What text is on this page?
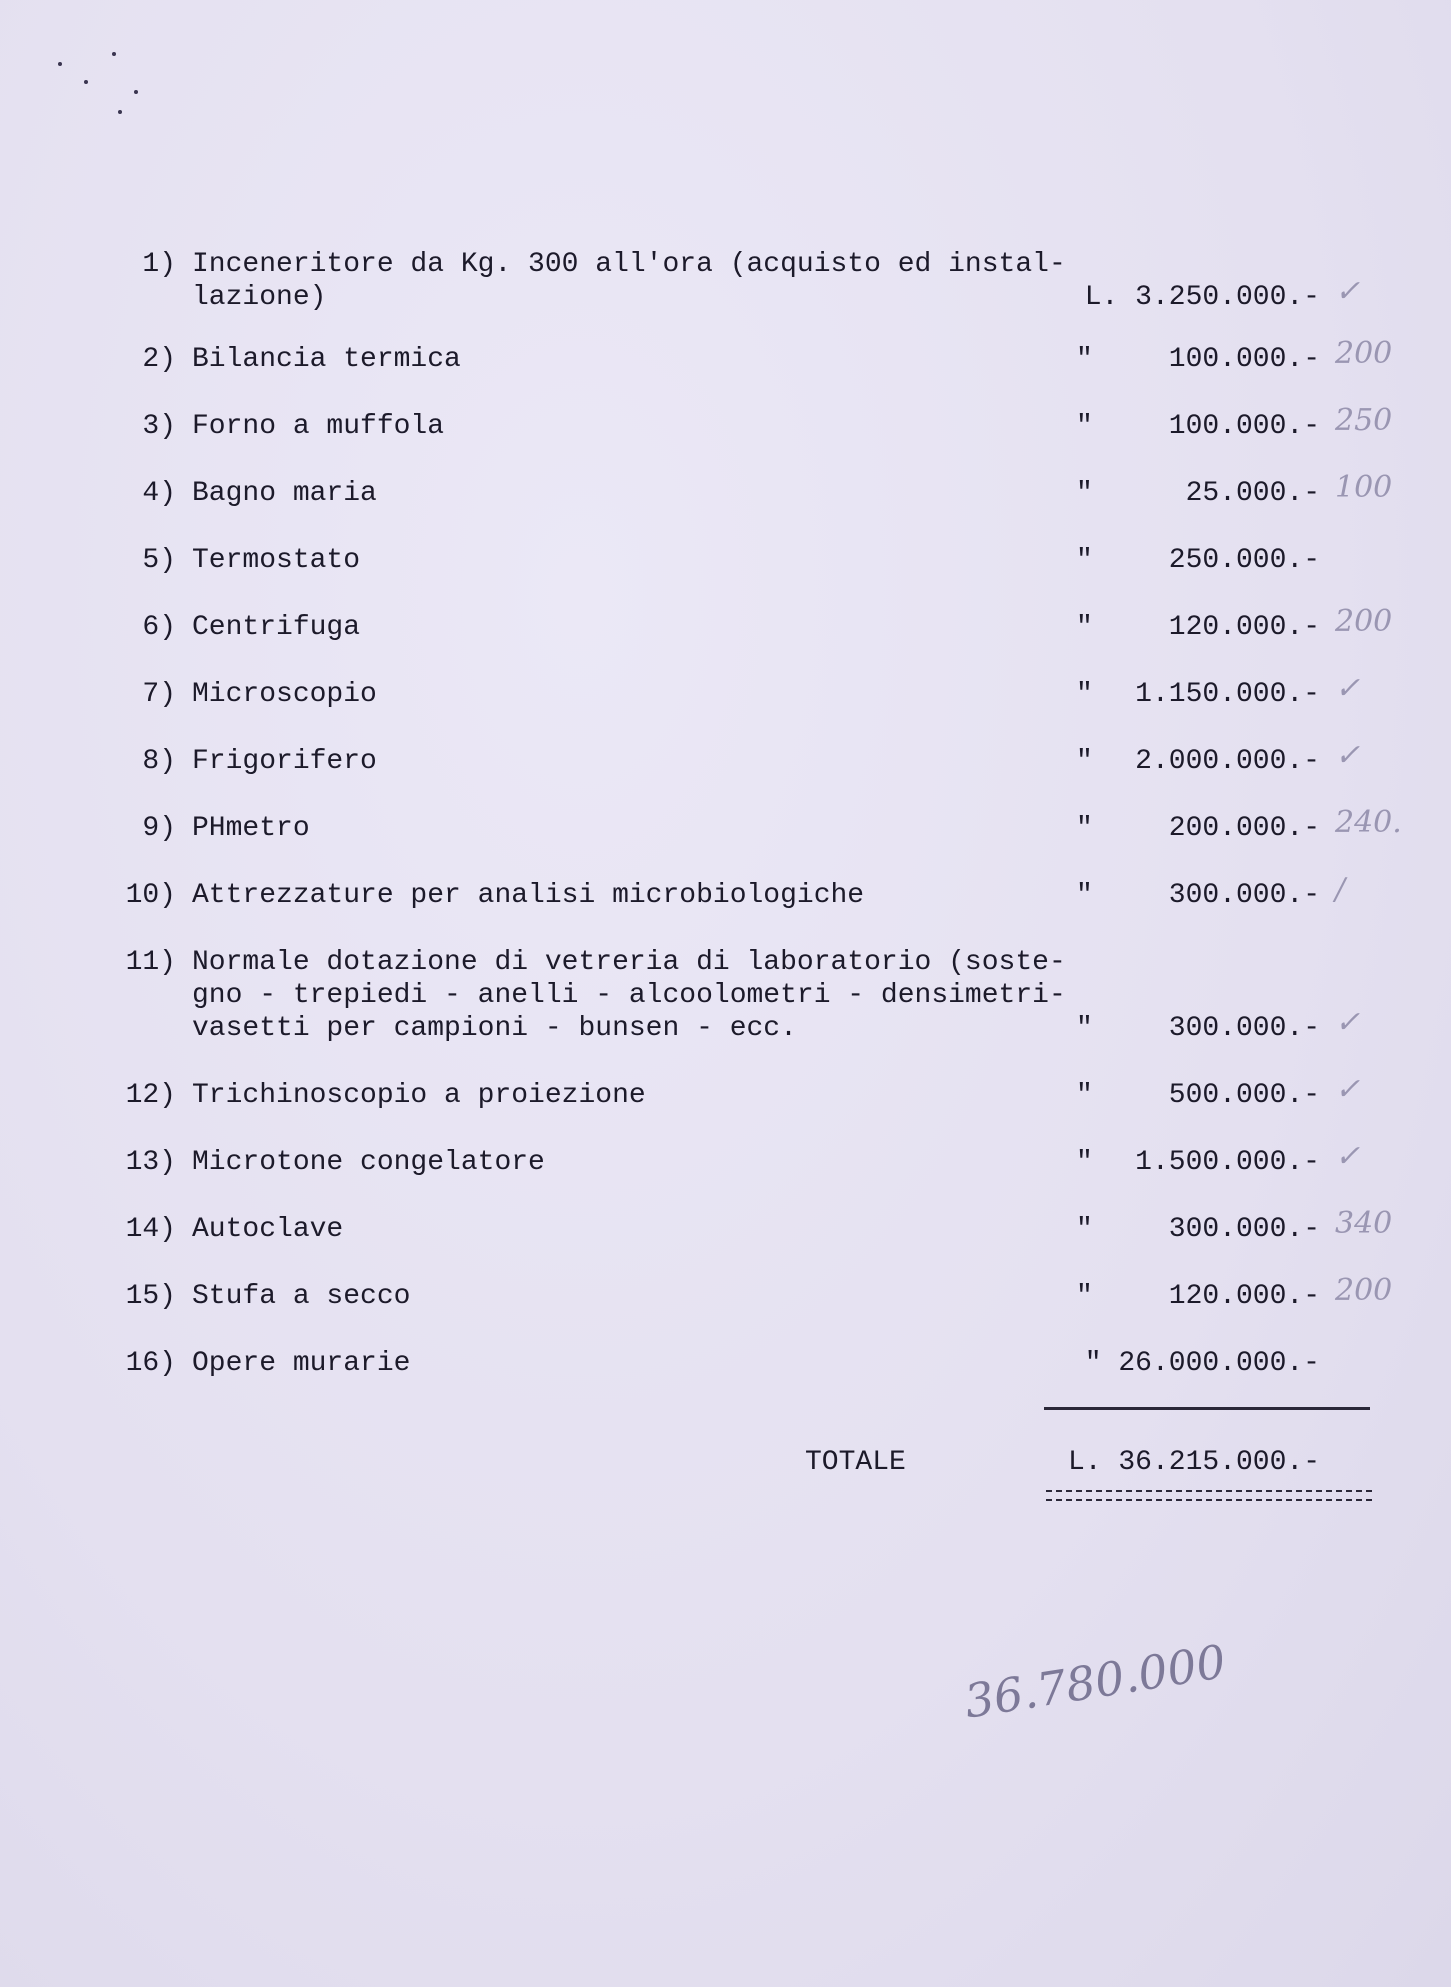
1) Inceneritore da Kg. 300 all'ora (acquisto ed instal-
lazione)	L. 3.250.000.- ✓
2) Bilancia termica	"	100.000.- 200
3) Forno a muffola	"	100.000.- 250
4) Bagno maria	"	25.000.- 100
5) Termostato	"	250.000.-
6) Centrifuga	"	120.000.- 200
7) Microscopio	" 1.150.000.- ✓
8) Frigorifero	" 2.000.000.- ✓
9) PHmetro	"	200.000.- 240.
10) Attrezzature per analisi microbiologiche	"	300.000.- /
11) Normale dotazione di vetreria di laboratorio (soste-
gno - trepiedi - anelli - alcoolometri - densimetri-
vasetti per campioni - bunsen - ecc.	"	300.000.- ✓
12) Trichinoscopio a proiezione	"	500.000.- ✓
13) Microtone congelatore	" 1.500.000.- ✓
14) Autoclave	"	300.000.- 340
15) Stufa a secco	"	120.000.- 200
16) Opere murarie	" 26.000.000.-
TOTALE	L. 36.215.000.-
36.780.000
